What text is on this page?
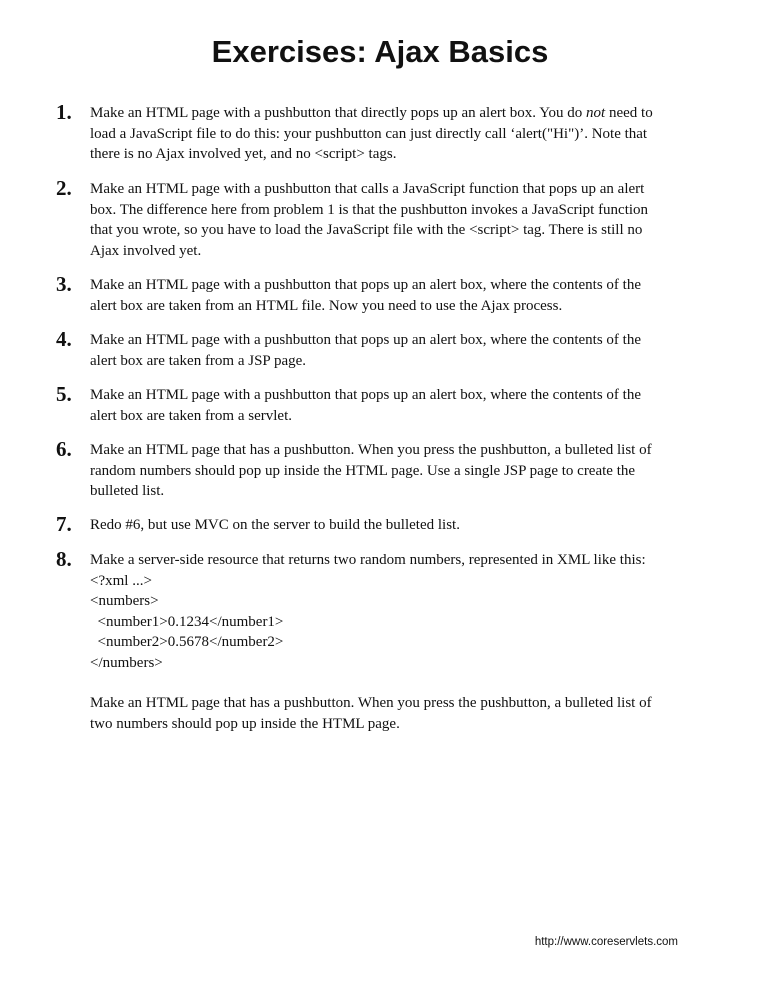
Exercises: Ajax Basics
1. Make an HTML page with a pushbutton that directly pops up an alert box. You do not need to
load a JavaScript file to do this: your pushbutton can just directly call ‘alert("Hi")’. Note that
there is no Ajax involved yet, and no <script> tags.
2. Make an HTML page with a pushbutton that calls a JavaScript function that pops up an alert
box. The difference here from problem 1 is that the pushbutton invokes a JavaScript function
that you wrote, so you have to load the JavaScript file with the <script> tag. There is still no
Ajax involved yet.
3. Make an HTML page with a pushbutton that pops up an alert box, where the contents of the
alert box are taken from an HTML file. Now you need to use the Ajax process.
4. Make an HTML page with a pushbutton that pops up an alert box, where the contents of the
alert box are taken from a JSP page.
5. Make an HTML page with a pushbutton that pops up an alert box, where the contents of the
alert box are taken from a servlet.
6. Make an HTML page that has a pushbutton. When you press the pushbutton, a bulleted list of
random numbers should pop up inside the HTML page. Use a single JSP page to create the
bulleted list.
7. Redo #6, but use MVC on the server to build the bulleted list.
8. Make a server-side resource that returns two random numbers, represented in XML like this:
<?xml ...>
<numbers>
<number1>0.1234</number1>
<number2>0.5678</number2>
</numbers>
Make an HTML page that has a pushbutton. When you press the pushbutton, a bulleted list of
two numbers should pop up inside the HTML page.
http://www.coreservlets.com
